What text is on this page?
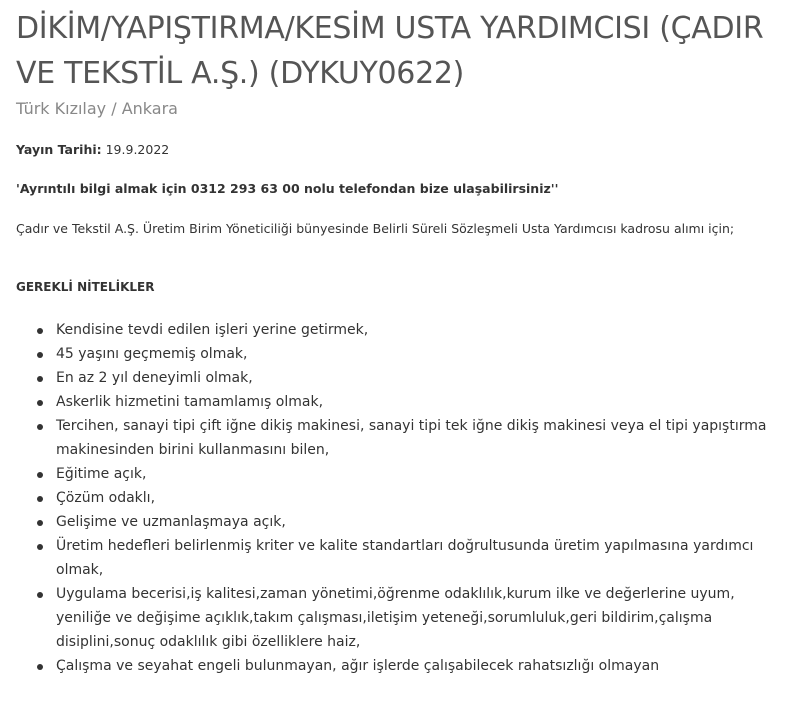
DİKİM/YAPIŞTIRMA/KESİM USTA YARDIMCISI (ÇADIR VE TEKSTİL A.Ş.) (DYKUY0622)
Türk Kızılay / Ankara

Yayın Tarihi: 19.9.2022

'Ayrıntılı bilgi almak için 0312 293 63 00 nolu telefondan bize ulaşabilirsiniz''

Çadır ve Tekstil A.Ş. Üretim Birim Yöneticiliği bünyesinde Belirli Süreli Sözleşmeli Usta Yardımcısı kadrosu alımı için;

GEREKLİ NİTELİKLER

Kendisine tevdi edilen işleri yerine getirmek,
45 yaşını geçmemiş olmak,
En az 2 yıl deneyimli olmak,
Askerlik hizmetini tamamlamış olmak,
Tercihen, sanayi tipi çift iğne dikiş makinesi, sanayi tipi tek iğne dikiş makinesi veya el tipi yapıştırma makinesinden birini kullanmasını bilen,
Eğitime açık,
Çözüm odaklı,
Gelişime ve uzmanlaşmaya açık,
Üretim hedefleri belirlenmiş kriter ve kalite standartları doğrultusunda üretim yapılmasına yardımcı olmak,
Uygulama becerisi,iş kalitesi,zaman yönetimi,öğrenme odaklılık,kurum ilke ve değerlerine uyum, yeniliğe ve değişime açıklık,takım çalışması,iletişim yeteneği,sorumluluk,geri bildirim,çalışma disiplini,sonuç odaklılık gibi özelliklere haiz,
Çalışma ve seyahat engeli bulunmayan, ağır işlerde çalışabilecek rahatsızlığı olmayan
